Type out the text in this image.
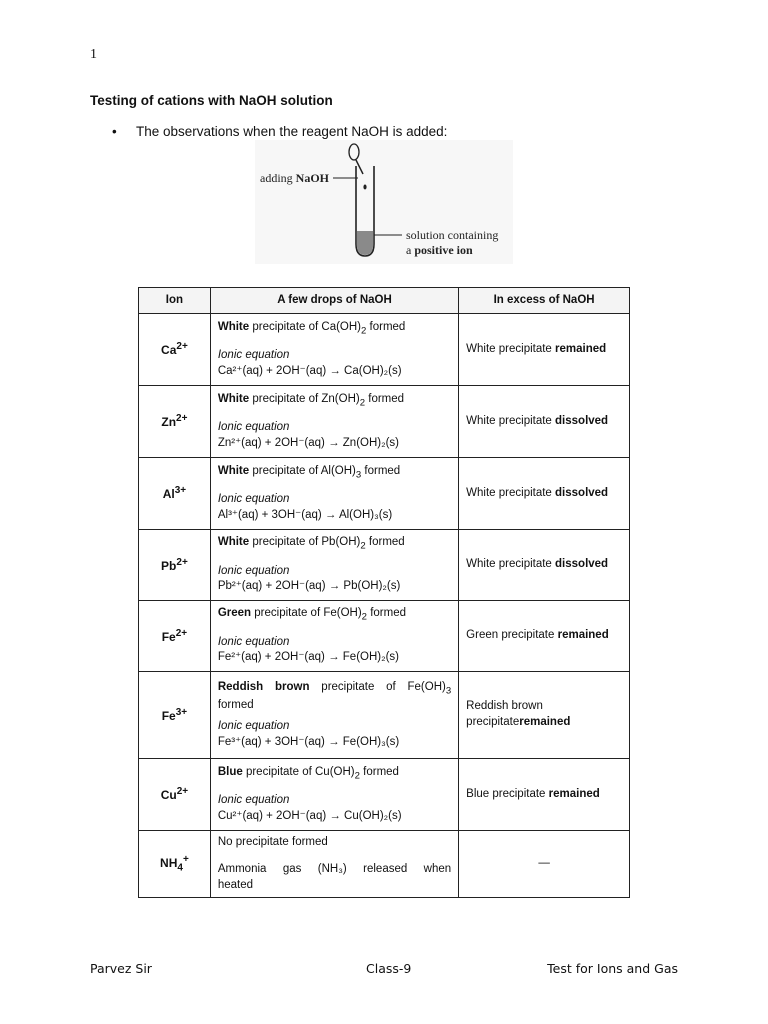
1
Testing of cations with NaOH solution
• The observations when the reagent NaOH is added:
adding NaOH
solution containing
a positive ion
Ion	A few drops of NaOH	In excess of NaOH
$Ca^{2+}$	White precipitate of $Ca(OH)_2$ formed
Ionic equation
Ca²⁺(aq) + 2OH⁻(aq) → Ca(OH)₂(s)	White precipitate remained
$Zn^{2+}$	White precipitate of $Zn(OH)_2$ formed
Ionic equation
Zn²⁺(aq) + 2OH⁻(aq) → Zn(OH)₂(s)	White precipitate dissolved
$Al^{3+}$	White precipitate of $Al(OH)_3$ formed
Ionic equation
Al³⁺(aq) + 3OH⁻(aq) → Al(OH)₃(s)	White precipitate dissolved
$Pb^{2+}$	White precipitate of $Pb(OH)_2$ formed
Ionic equation
Pb²⁺(aq) + 2OH⁻(aq) → Pb(OH)₂(s)	White precipitate dissolved
$Fe^{2+}$	Green precipitate of $Fe(OH)_2$ formed
Ionic equation
Fe²⁺(aq) + 2OH⁻(aq) → Fe(OH)₂(s)	Green precipitate remained
$Fe^{3+}$	Reddish brown precipitate of $Fe(OH)_3$
formed
Ionic equation
Fe³⁺(aq) + 3OH⁻(aq) → Fe(OH)₃(s)	Reddish brown precipitateremained
$Cu^{2+}$	Blue precipitate of $Cu(OH)_2$ formed
Ionic equation
Cu²⁺(aq) + 2OH⁻(aq) → Cu(OH)₂(s)	Blue precipitate remained
$NH_4^+$	No precipitate formed
Ammonia gas (NH₃) released when
heated	—
Parvez Sir	Class-9	Test for Ions and Gas
